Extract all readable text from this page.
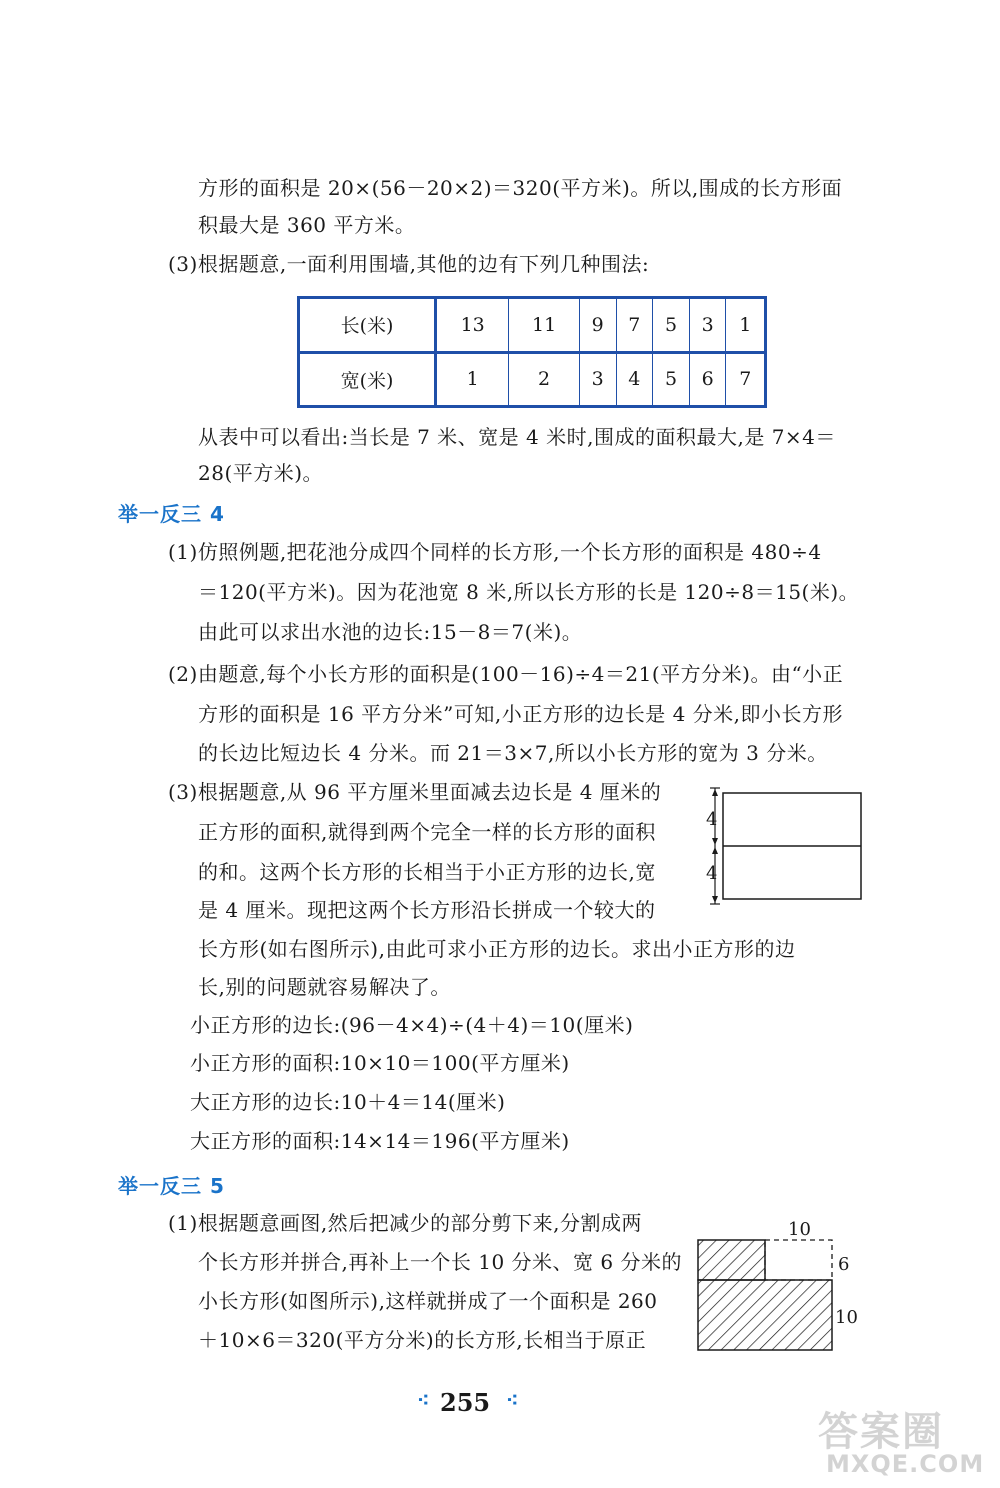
方形的面积是 20×(56－20×2)＝320(平方米)。所以,围成的长方形面
积最大是 360 平方米。
(3)根据题意,一面利用围墙,其他的边有下列几种围法:
长(米)	13	11	9	7	5	3	1
宽(米)	1	2	3	4	5	6	7
从表中可以看出:当长是 7 米、宽是 4 米时,围成的面积最大,是 7×4＝
28(平方米)。
举一反三 4
(1)仿照例题,把花池分成四个同样的长方形,一个长方形的面积是 480÷4
＝120(平方米)。因为花池宽 8 米,所以长方形的长是 120÷8＝15(米)。
由此可以求出水池的边长:15－8＝7(米)。
(2)由题意,每个小长方形的面积是(100－16)÷4＝21(平方分米)。由“小正
方形的面积是 16 平方分米”可知,小正方形的边长是 4 分米,即小长方形
的长边比短边长 4 分米。而 21＝3×7,所以小长方形的宽为 3 分米。
(3)根据题意,从 96 平方厘米里面减去边长是 4 厘米的
正方形的面积,就得到两个完全一样的长方形的面积
的和。这两个长方形的长相当于小正方形的边长,宽
是 4 厘米。现把这两个长方形沿长拼成一个较大的
长方形(如右图所示),由此可求小正方形的边长。求出小正方形的边
长,别的问题就容易解决了。
小正方形的边长:(96－4×4)÷(4＋4)＝10(厘米)
小正方形的面积:10×10＝100(平方厘米)
大正方形的边长:10＋4＝14(厘米)
大正方形的面积:14×14＝196(平方厘米)
4
4
举一反三 5
(1)根据题意画图,然后把减少的部分剪下来,分割成两
个长方形并拼合,再补上一个长 10 分米、宽 6 分米的
小长方形(如图所示),这样就拼成了一个面积是 260
＋10×6＝320(平方分米)的长方形,长相当于原正
10
6
10
⁖ 255 ⁖
答案圈
MXQE.COM
